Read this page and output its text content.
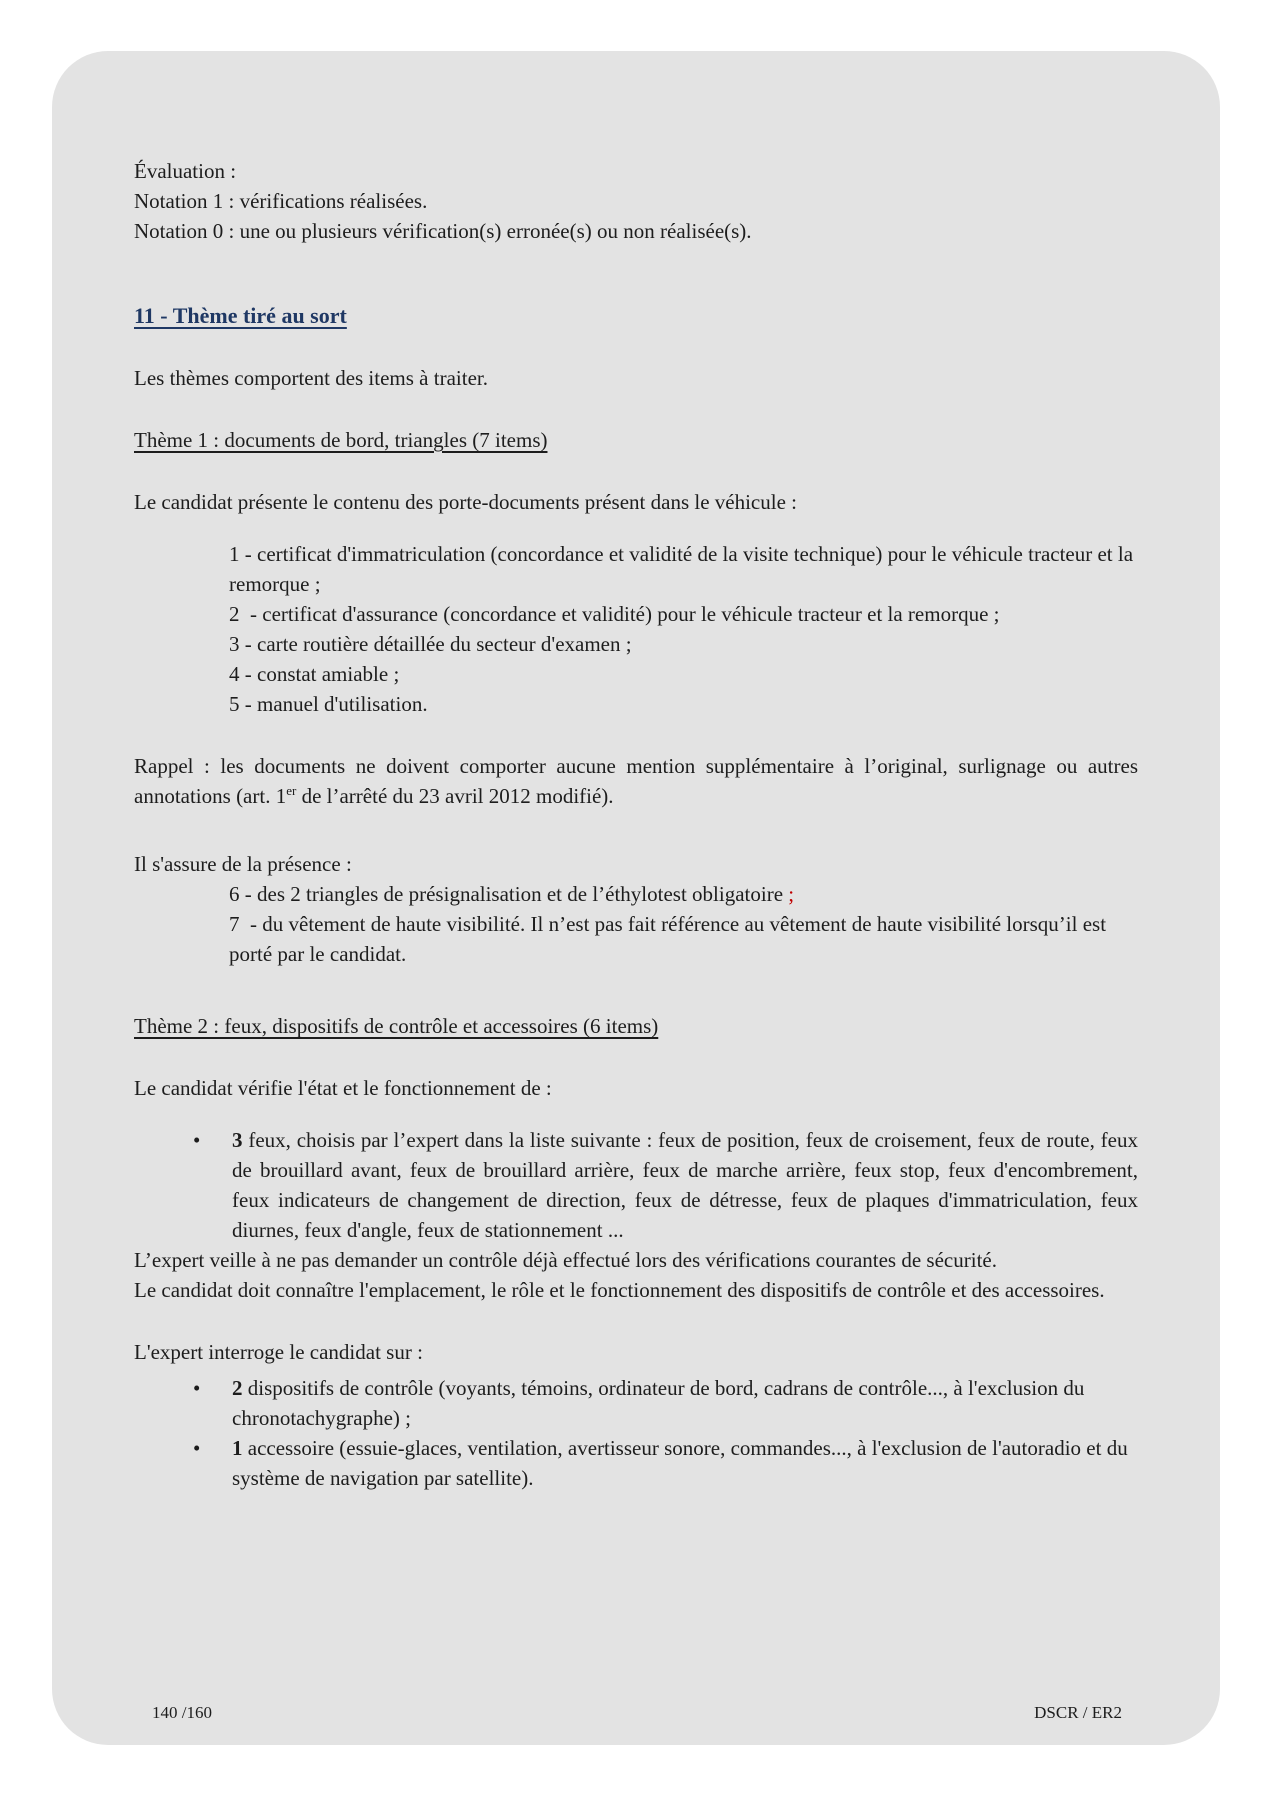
Évaluation :
Notation 1 : vérifications réalisées.
Notation 0 : une ou plusieurs vérification(s) erronée(s) ou non réalisée(s).
11 - Thème tiré au sort
Les thèmes comportent des items à traiter.
Thème 1 : documents de bord, triangles (7 items)
Le candidat présente le contenu des porte-documents présent dans le véhicule :
1 - certificat d'immatriculation (concordance et validité de la visite technique) pour le véhicule tracteur et la remorque ;
2  - certificat d'assurance (concordance et validité) pour le véhicule tracteur et la remorque ;
3 - carte routière détaillée du secteur d'examen ;
4 - constat amiable ;
5 - manuel d'utilisation.
Rappel : les documents ne doivent comporter aucune mention supplémentaire à l’original, surlignage ou autres annotations (art. 1er de l’arrêté du 23 avril 2012 modifié).
Il s'assure de la présence :
6 - des 2 triangles de présignalisation et de l’éthylotest obligatoire ;
7  - du vêtement de haute visibilité. Il n’est pas fait référence au vêtement de haute visibilité lorsqu’il est porté par le candidat.
Thème 2 : feux, dispositifs de contrôle et accessoires (6 items)
Le candidat vérifie l'état et le fonctionnement de :
•	3 feux, choisis par l’expert dans la liste suivante : feux de position, feux de croisement, feux de route, feux de brouillard avant, feux de brouillard arrière, feux de marche arrière, feux stop, feux d'encombrement, feux indicateurs de changement de direction, feux de détresse, feux de plaques d'immatriculation, feux diurnes, feux d'angle, feux de stationnement ...
L’expert veille à ne pas demander un contrôle déjà effectué lors des vérifications courantes de sécurité.
Le candidat doit connaître l'emplacement, le rôle et le fonctionnement des dispositifs de contrôle et des accessoires.
L'expert interroge le candidat sur :
•	2 dispositifs de contrôle (voyants, témoins, ordinateur de bord, cadrans de contrôle..., à l'exclusion du chronotachygraphe) ;
•	1 accessoire (essuie-glaces, ventilation, avertisseur sonore, commandes..., à l'exclusion de l'autoradio et du système de navigation par satellite).
140 /160	DSCR / ER2
